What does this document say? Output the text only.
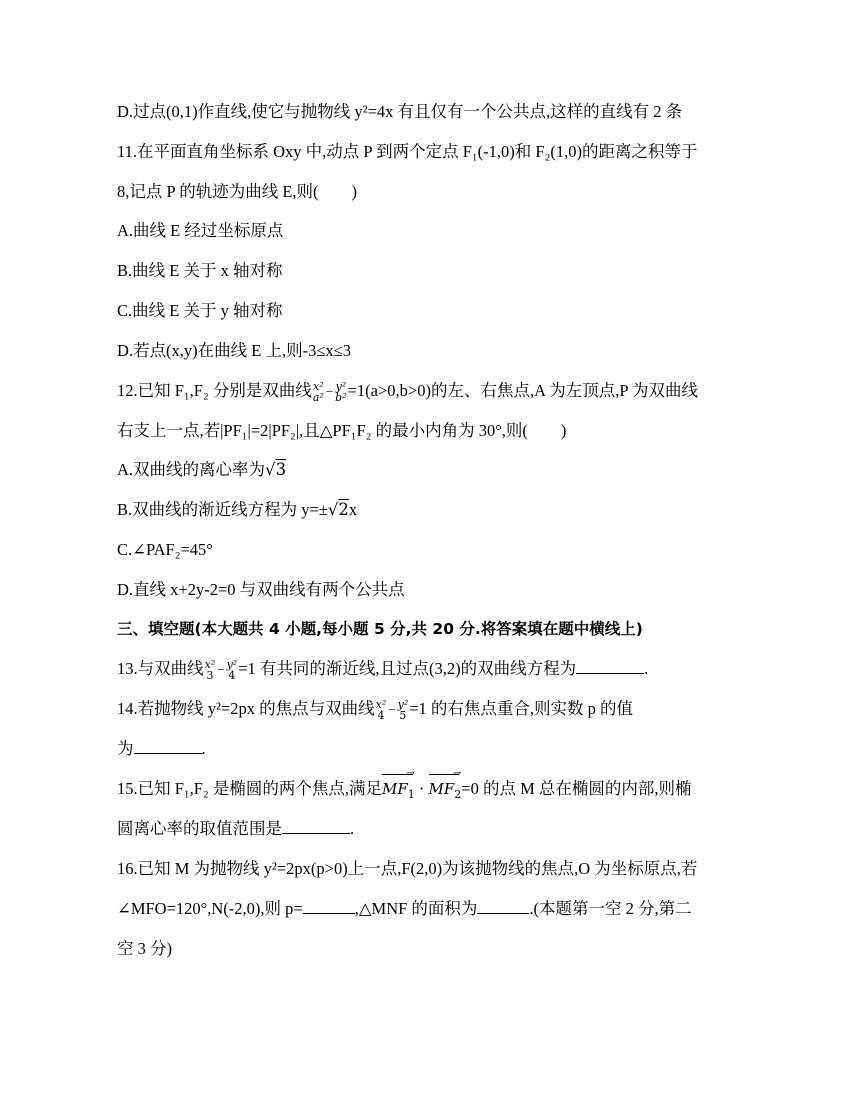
D.过点(0,1)作直线,使它与抛物线 y²=4x 有且仅有一个公共点,这样的直线有 2 条
11.在平面直角坐标系 Oxy 中,动点 P 到两个定点 F₁(-1,0)和 F₂(1,0)的距离之积等于
8,记点 P 的轨迹为曲线 E,则(　　)
A.曲线 E 经过坐标原点
B.曲线 E 关于 x 轴对称
C.曲线 E 关于 y 轴对称
D.若点(x,y)在曲线 E 上,则-3≤x≤3
12.已知 F₁,F₂ 分别是双曲线 x²
a² − y²
b² =1(a>0,b>0)的左、右焦点,A 为左顶点,P 为双曲线
右支上一点,若|PF₁|=2|PF₂|,且△PF₁F₂ 的最小内角为 30°,则(　　)
A.双曲线的离心率为√3
B.双曲线的渐近线方程为 y=±√2x
C.∠PAF₂=45°
D.直线 x+2y-2=0 与双曲线有两个公共点
三、填空题(本大题共 4 小题,每小题 5 分,共 20 分.将答案填在题中横线上)
13.与双曲线 x²
3 − y²
4 =1 有共同的渐近线,且过点(3,2)的双曲线方程为	.
14.若抛物线 y²=2px 的焦点与双曲线 x²
4 − y²
5 =1 的右焦点重合,则实数 p 的值
为	.
15.已知 F₁,F₂ 是椭圆的两个焦点,满足
→
$MF_1$ ·
→
$MF_2=0$ 的点 M 总在椭圆的内部,则椭
圆离心率的取值范围是	.
16.已知 M 为抛物线 y²=2px(p>0)上一点,F(2,0)为该抛物线的焦点,O 为坐标原点,若
∠MFO=120°,N(-2,0),则 p=	,△MNF 的面积为	.(本题第一空 2 分,第二
空 3 分)
